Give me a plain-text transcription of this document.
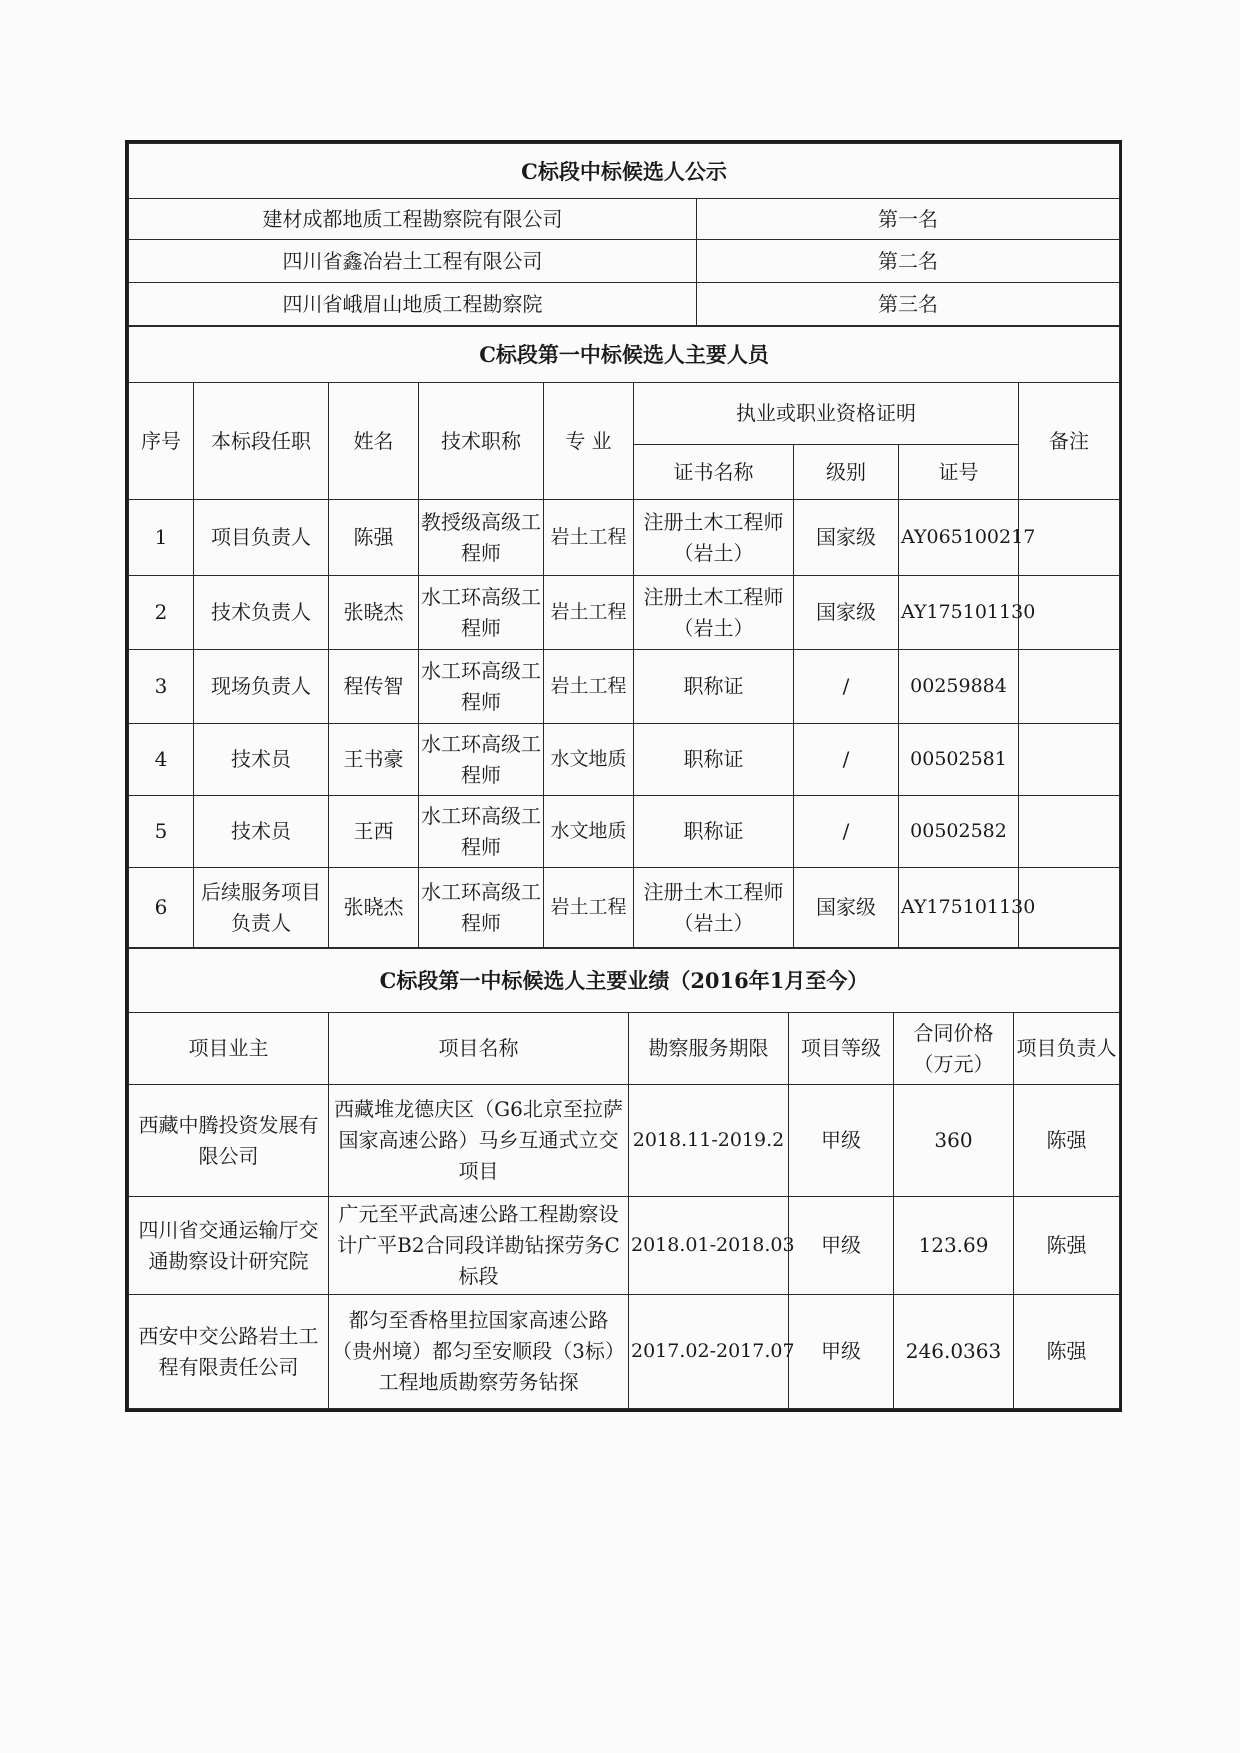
C标段中标候选人公示	
建材成都地质工程勘察院有限公司	第一名
四川省鑫冶岩土工程有限公司	第二名
四川省峨眉山地质工程勘察院	第三名
C标段第一中标候选人主要人员								
序号	本标段任职	姓名	技术职称	专 业	执业或职业资格证明			备注
					证书名称	级别	证号	
1	项目负责人	陈强	教授级高级工程师	岩土工程	注册土木工程师（岩土）	国家级	AY065100217	
2	技术负责人	张晓杰	水工环高级工程师	岩土工程	注册土木工程师（岩土）	国家级	AY175101130	
3	现场负责人	程传智	水工环高级工程师	岩土工程	职称证	/	00259884	
4	技术员	王书豪	水工环高级工程师	水文地质	职称证	/	00502581	
5	技术员	王西	水工环高级工程师	水文地质	职称证	/	00502582	
6	后续服务项目负责人	张晓杰	水工环高级工程师	岩土工程	注册土木工程师（岩土）	国家级	AY175101130	
C标段第一中标候选人主要业绩（2016年1月至今）					
项目业主	项目名称	勘察服务期限	项目等级	合同价格（万元）	项目负责人
西藏中腾投资发展有限公司	西藏堆龙德庆区（G6北京至拉萨国家高速公路）马乡互通式立交项目	2018.11-2019.2	甲级	360	陈强
四川省交通运输厅交通勘察设计研究院	广元至平武高速公路工程勘察设计广平B2合同段详勘钻探劳务C标段	2018.01-2018.03	甲级	123.69	陈强
西安中交公路岩土工程有限责任公司	都匀至香格里拉国家高速公路（贵州境）都匀至安顺段（3标）工程地质勘察劳务钻探	2017.02-2017.07	甲级	246.0363	陈强
